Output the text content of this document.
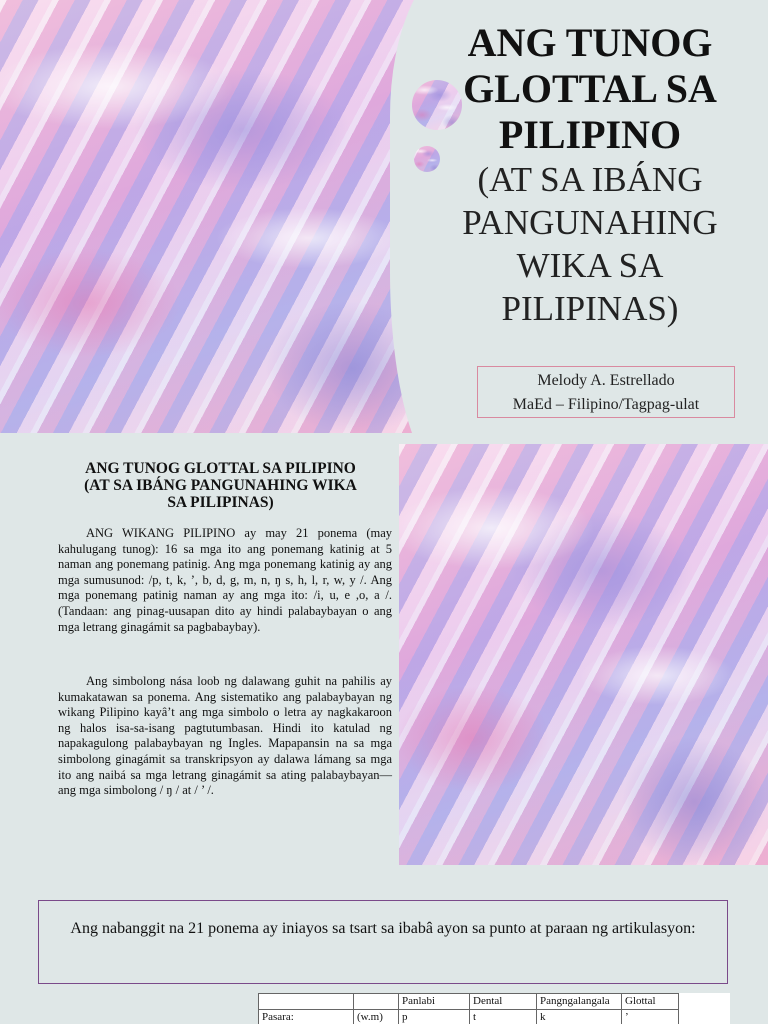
ANG TUNOG GLOTTAL SA PILIPINO
(AT SA IBÁNG PANGUNAHING WIKA SA PILIPINAS)
Melody A. Estrellado
MaEd – Filipino/Tagpag-ulat
ANG TUNOG GLOTTAL SA PILIPINO
(AT SA IBÁNG PANGUNAHING WIKA
SA PILIPINAS)

ANG WIKANG PILIPINO ay may 21 ponema (may kahulugang tunog): 16 sa mga ito ang ponemang katinig at 5 naman ang ponemang patinig. Ang mga ponemang katinig ay ang mga sumusunod: /p, t, k, ’, b, d, g, m, n, ŋ s, h, l, r, w, y /. Ang mga ponemang patinig naman ay ang mga ito: /i, u, e ,o, a /. (Tandaan: ang pinag-uusapan dito ay hindi palabaybayan o ang mga letrang ginagámit sa pagbabaybay).

Ang simbolong nása loob ng dalawang guhit na pahilis ay kumakatawan sa ponema. Ang sistematiko ang palabaybayan ng wikang Pilipino kayâ’t ang mga simbolo o letra ay nagkakaroon ng halos isa-sa-isang pagtutumbasan. Hindi ito katulad ng napakagulong palabaybayan ng Ingles. Mapapansin na sa mga simbolong ginagámit sa transkripsyon ay dalawa lámang sa mga ito ang naibá sa mga letrang ginagámit sa ating palabaybayan—ang mga simbolong / ŋ / at / ’ /.

Ang nabanggit na 21 ponema ay iniayos sa tsart sa ibabâ ayon sa punto at paraan ng artikulasyon:
		Panlabi	Dental	Pangngalangala	Glottal
Pasara:	(w.m)	p	t	k	’
